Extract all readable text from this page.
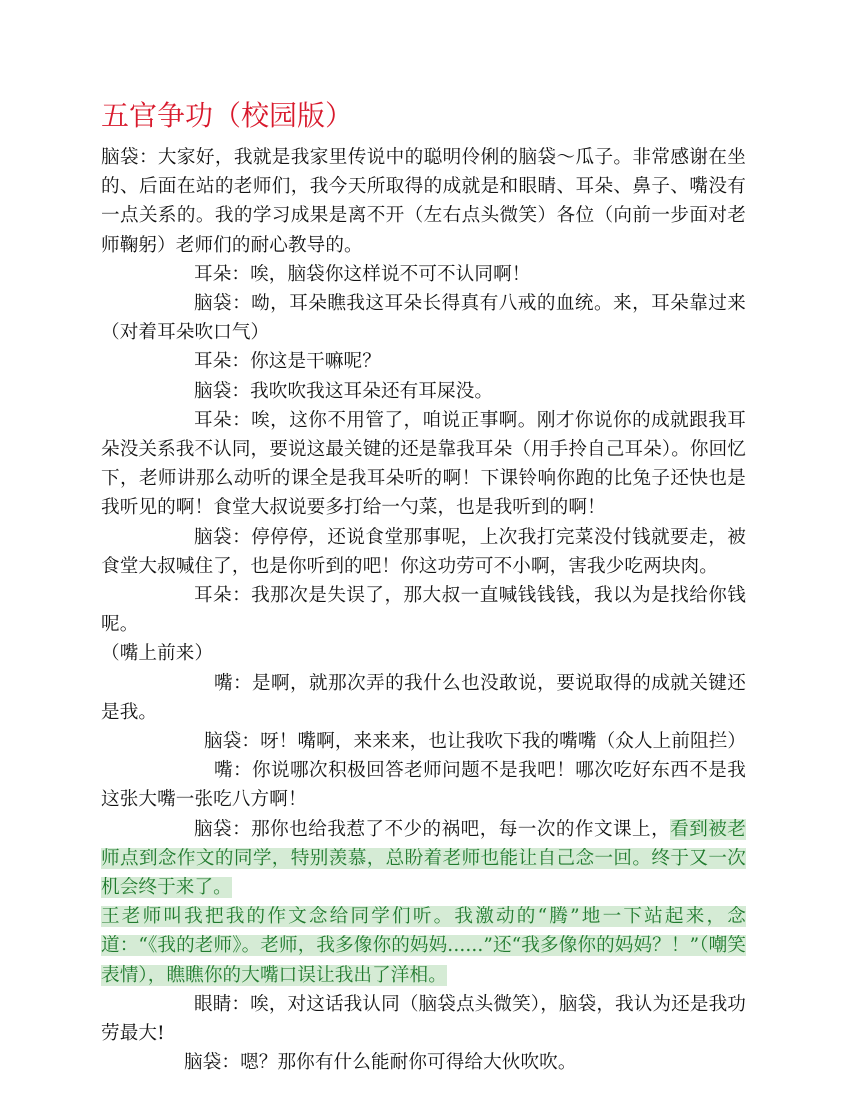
五官争功（校园版）

脑袋：大家好，我就是我家里传说中的聪明伶俐的脑袋～瓜子。非常感谢在坐的、后面在站的老师们，我今天所取得的成就是和眼睛、耳朵、鼻子、嘴没有一点关系的。我的学习成果是离不开（左右点头微笑）各位（向前一步面对老师鞠躬）老师们的耐心教导的。

耳朵：唉，脑袋你这样说不可不认同啊！

脑袋：呦，耳朵瞧我这耳朵长得真有八戒的血统。来，耳朵靠过来（对着耳朵吹口气）

耳朵：你这是干嘛呢？

脑袋：我吹吹我这耳朵还有耳屎没。

耳朵：唉，这你不用管了，咱说正事啊。刚才你说你的成就跟我耳朵没关系我不认同，要说这最关键的还是靠我耳朵（用手拎自己耳朵）。你回忆下，老师讲那么动听的课全是我耳朵听的啊！下课铃响你跑的比兔子还快也是我听见的啊！食堂大叔说要多打给一勺菜，也是我听到的啊！

脑袋：停停停，还说食堂那事呢，上次我打完菜没付钱就要走，被食堂大叔喊住了，也是你听到的吧！你这功劳可不小啊，害我少吃两块肉。

耳朵：我那次是失误了，那大叔一直喊钱钱钱，我以为是找给你钱呢。

（嘴上前来）

嘴：是啊，就那次弄的我什么也没敢说，要说取得的成就关键还是我。

脑袋：呀！嘴啊，来来来，也让我吹下我的嘴嘴（众人上前阻拦）

嘴：你说哪次积极回答老师问题不是我吧！哪次吃好东西不是我这张大嘴一张吃八方啊！

脑袋：那你也给我惹了不少的祸吧，每一次的作文课上，看到被老师点到念作文的同学，特别羡慕，总盼着老师也能让自己念一回。终于又一次机会终于来了。

王老师叫我把我的作文念给同学们听。我激动的“腾”地一下站起来，念道：“《我的老师》。老师，我多像你的妈妈......”还“我多像你的妈妈？！”（嘲笑表情），瞧瞧你的大嘴口误让我出了洋相。

眼睛：唉，对这话我认同（脑袋点头微笑），脑袋，我认为还是我功劳最大!

脑袋：嗯？那你有什么能耐你可得给大伙吹吹。
